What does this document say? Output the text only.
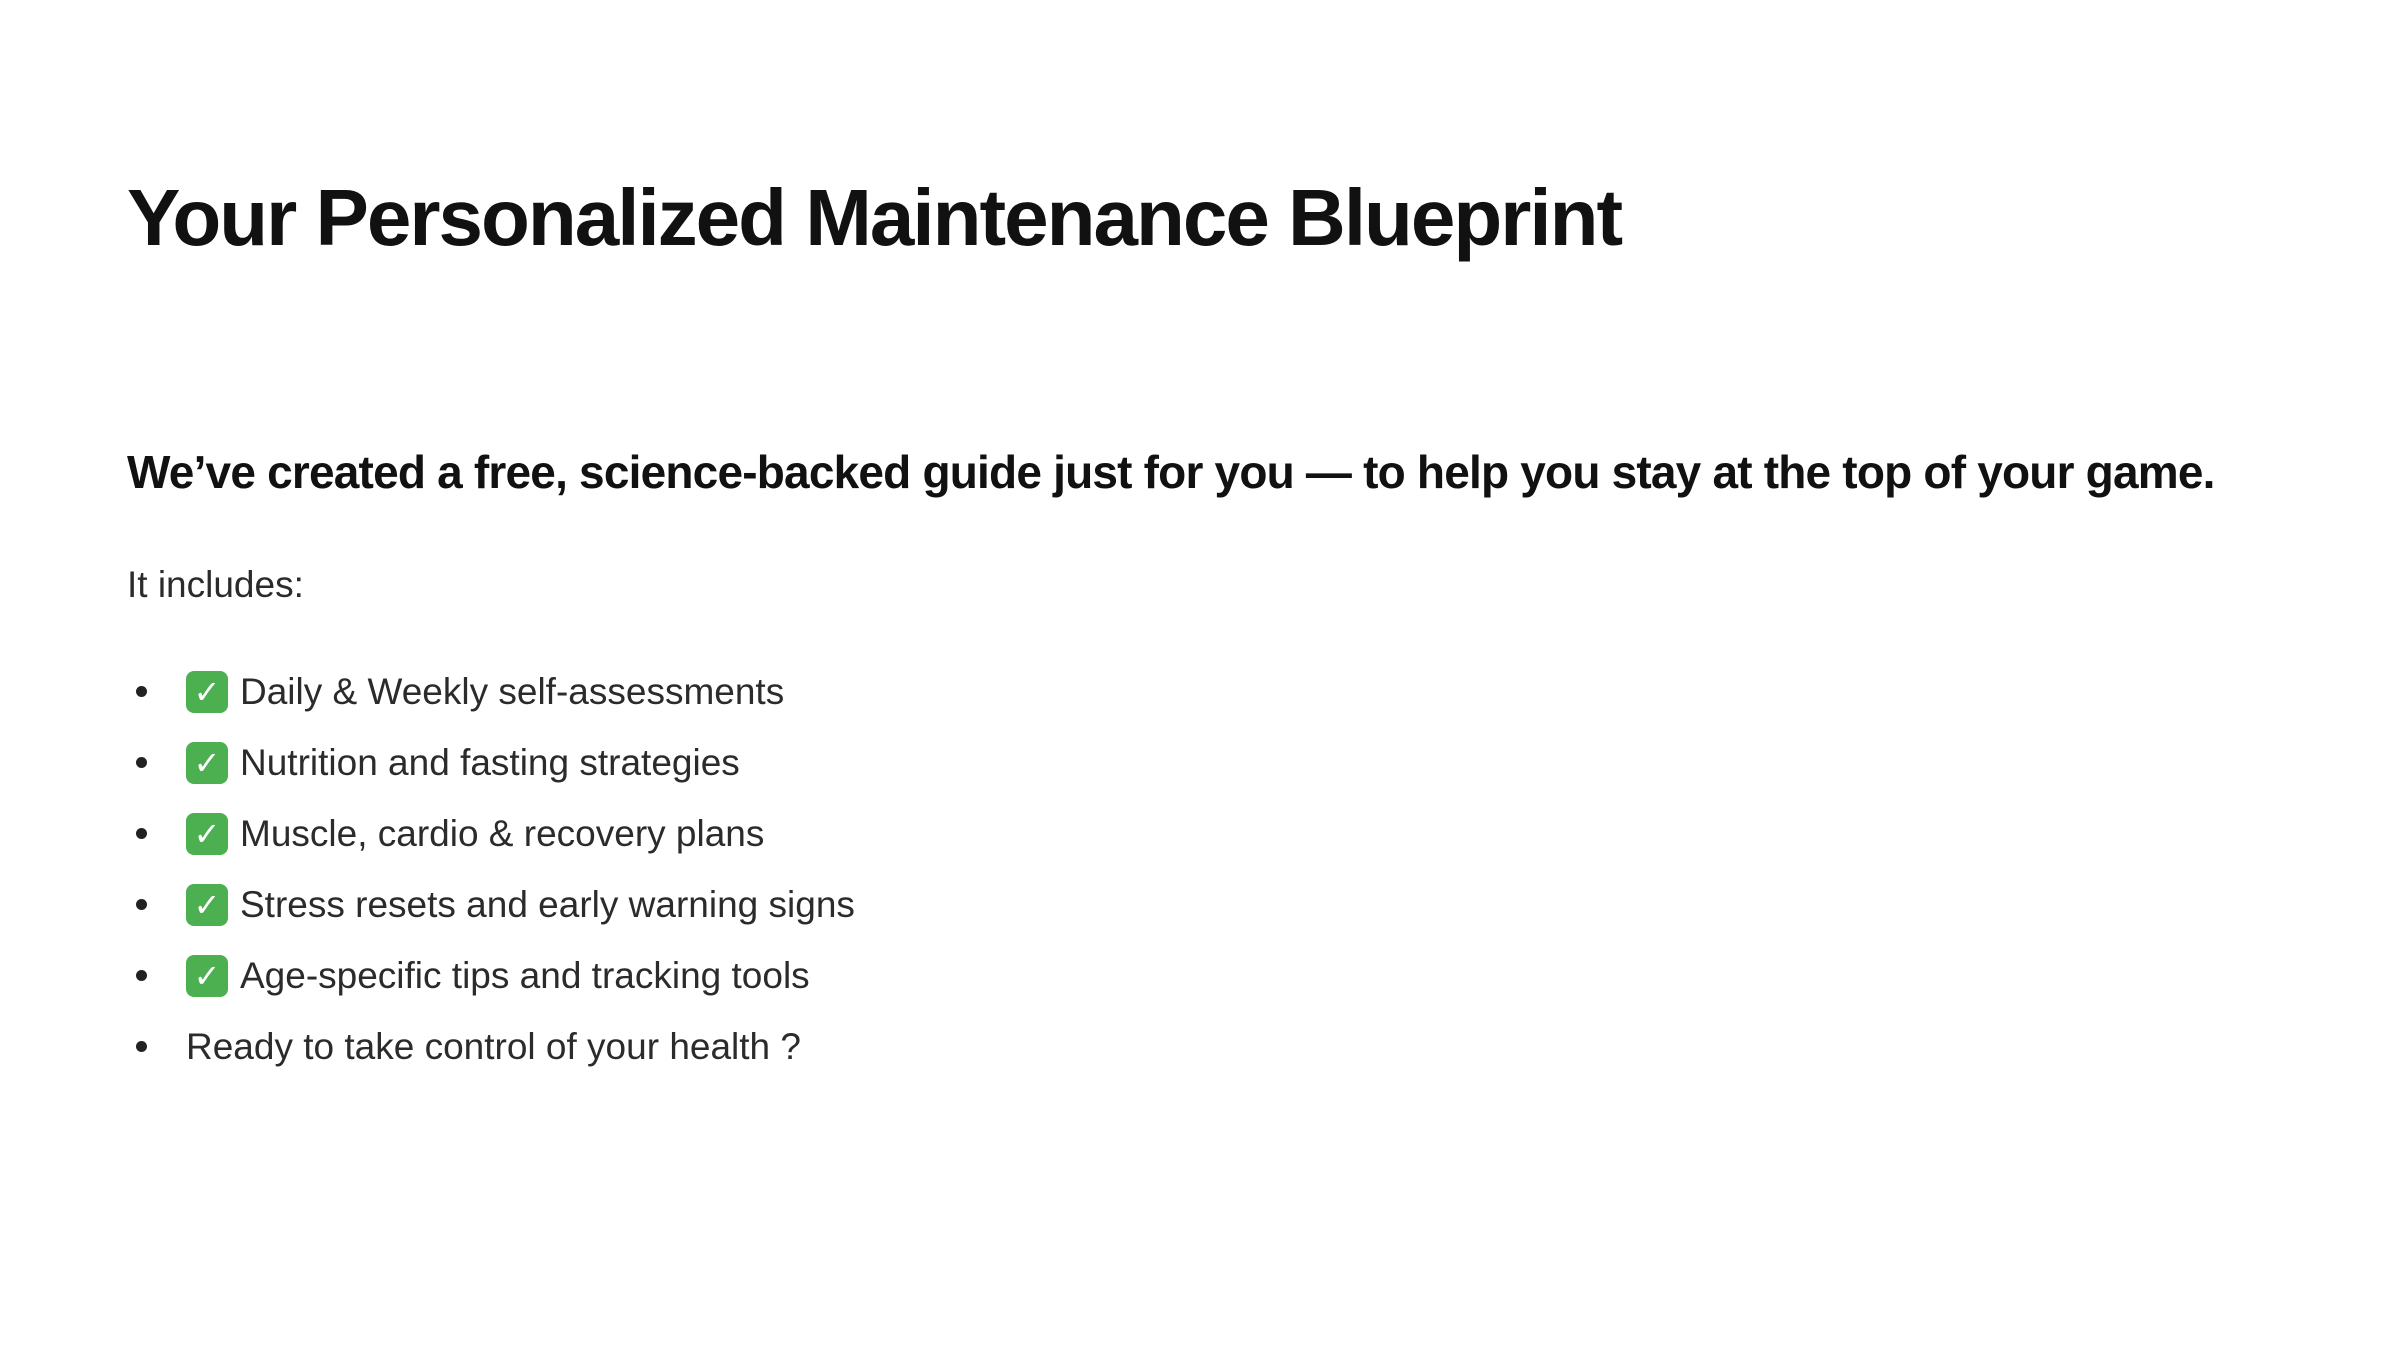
Your Personalized Maintenance Blueprint
We’ve created a free, science-backed guide just for you — to help you stay at the top of your game.

It includes:

✓ Daily & Weekly self-assessments
✓ Nutrition and fasting strategies
✓ Muscle, cardio & recovery plans
✓ Stress resets and early warning signs
✓ Age-specific tips and tracking tools
Ready to take control of your health ?
